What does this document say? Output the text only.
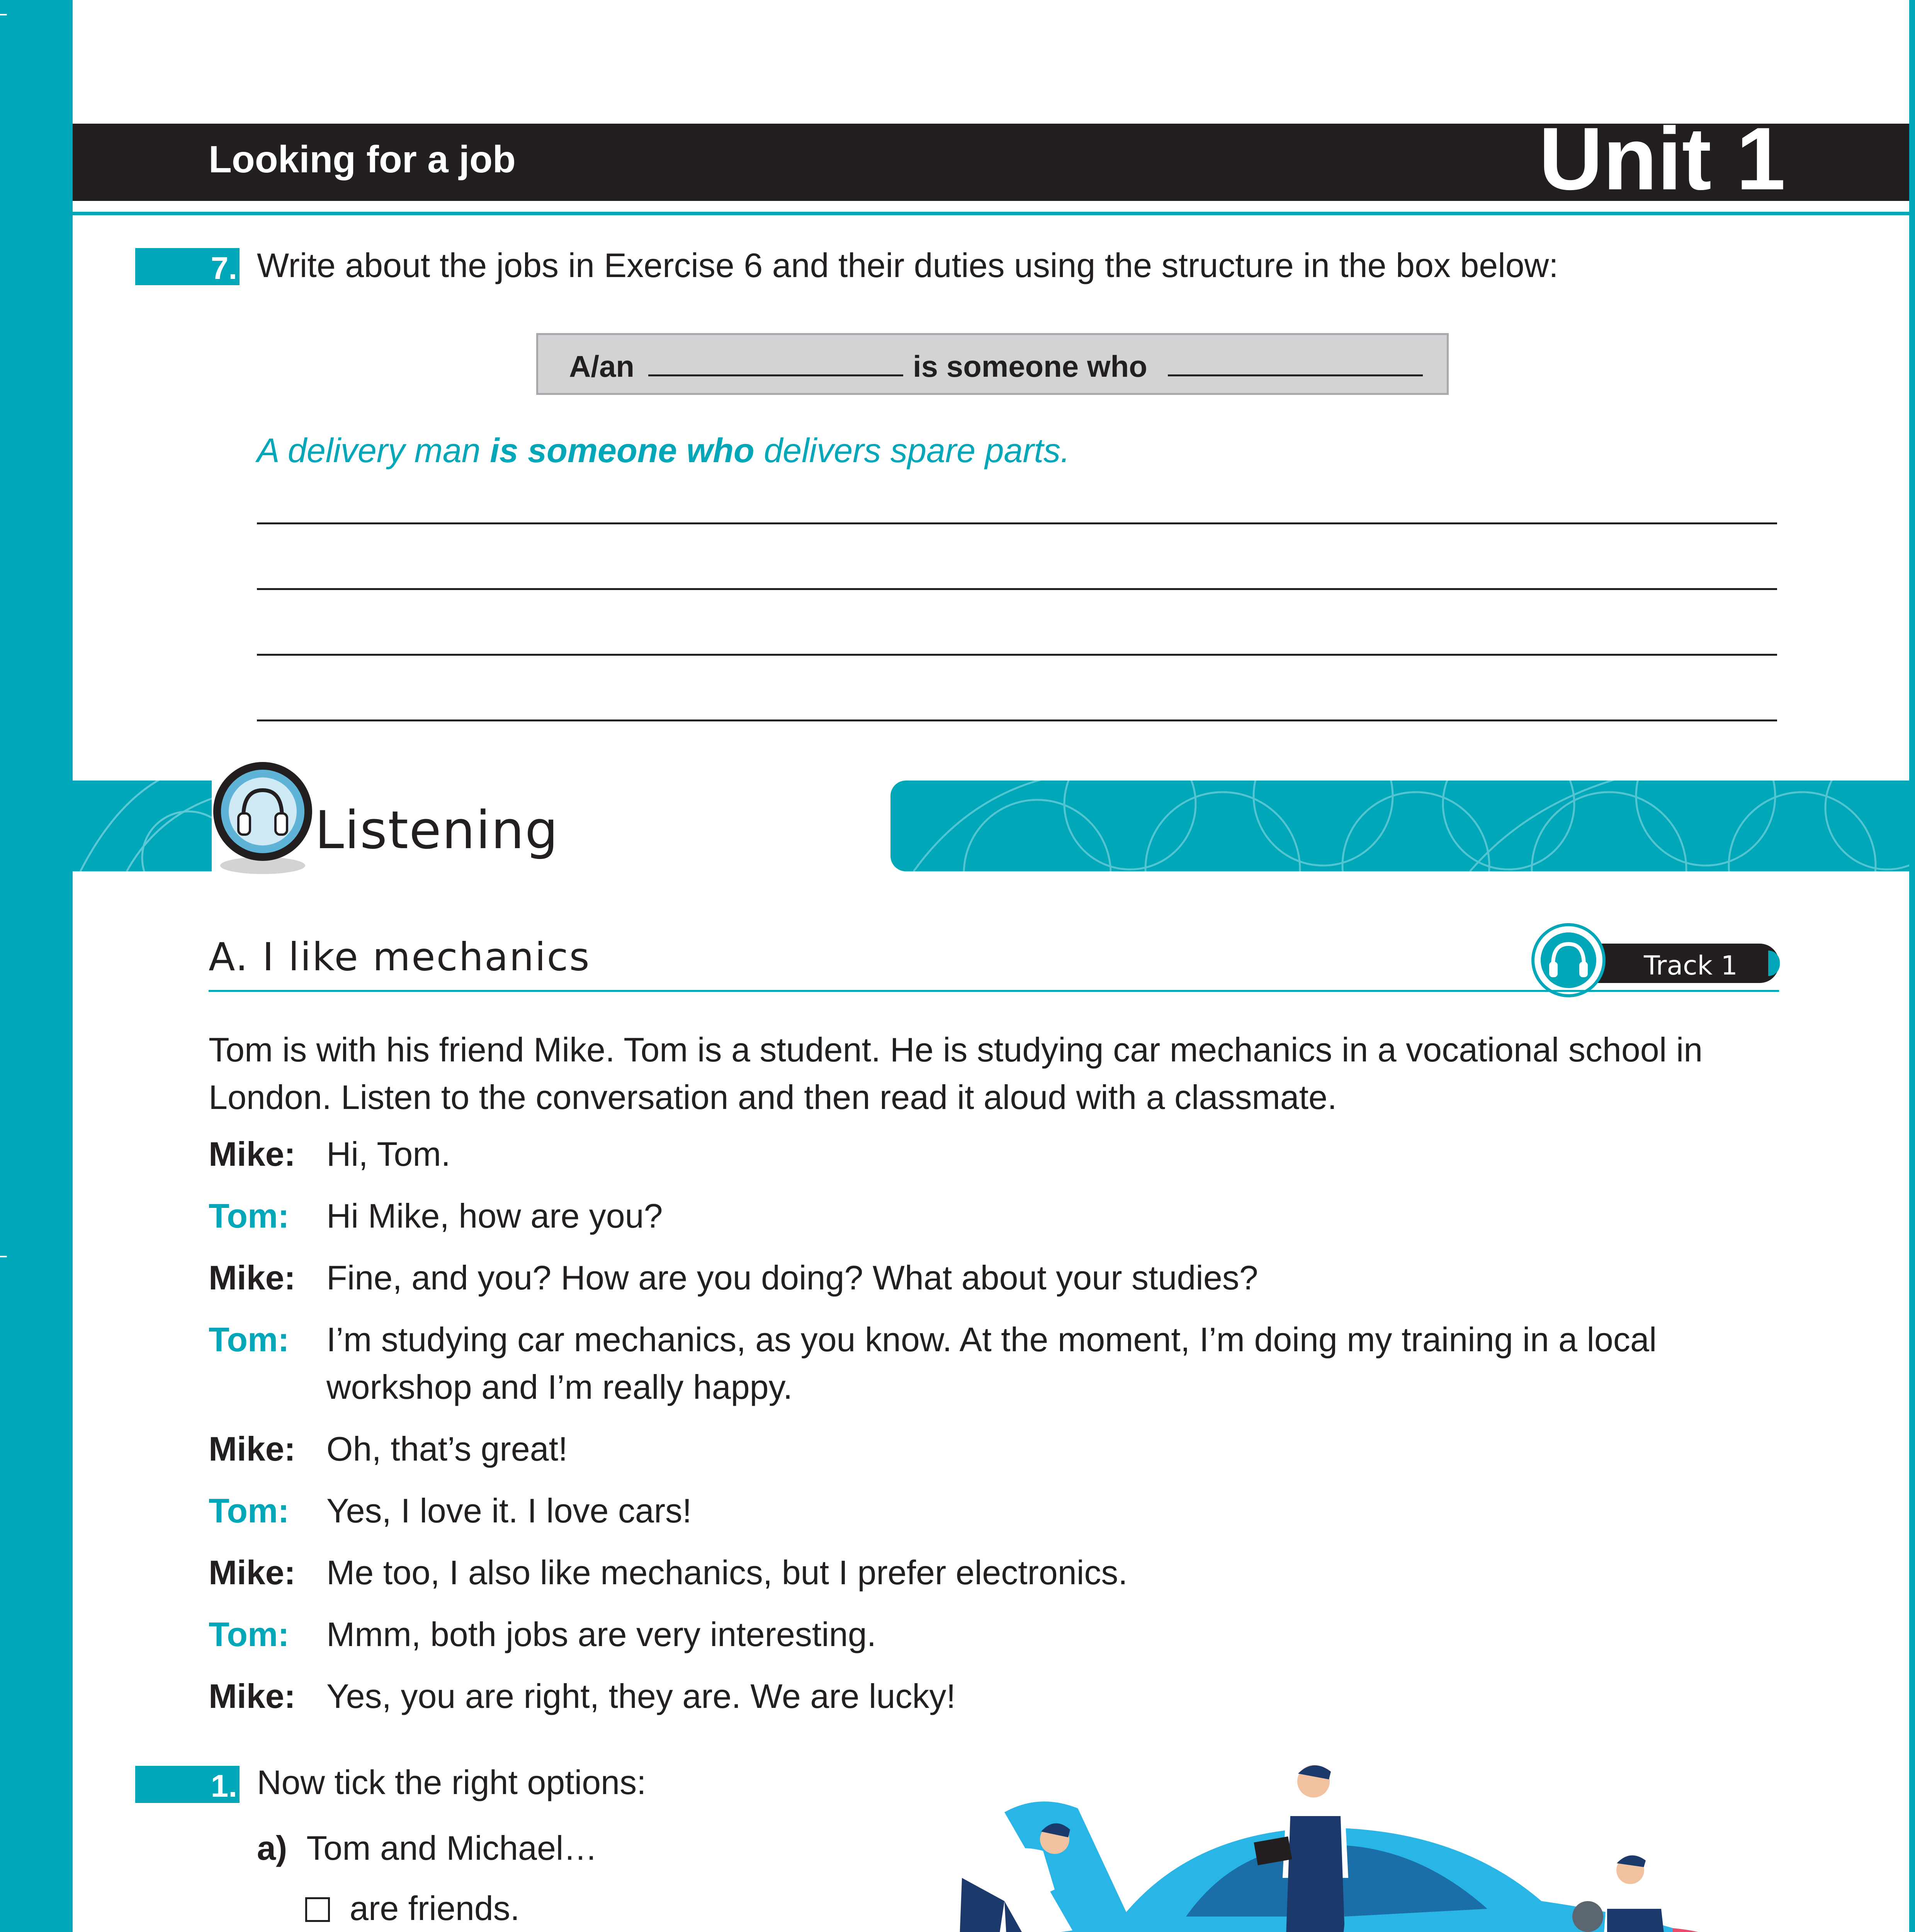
Looking for a job	Unit 1
7. Write about the jobs in Exercise 6 and their duties using the structure in the box below:
A/an	is someone who
A delivery man is someone who delivers spare parts.
Listening
A. I like mechanics	Track 1
Tom is with his friend Mike. Tom is a student. He is studying car mechanics in a vocational school in London. Listen to the conversation and then read it aloud with a classmate.
Mike: Hi, Tom.
Tom: Hi Mike, how are you?
Mike: Fine, and you? How are you doing? What about your studies?
Tom: I’m studying car mechanics, as you know. At the moment, I’m doing my training in a local workshop and I’m really happy.
Mike: Oh, that’s great!
Tom: Yes, I love it. I love cars!
Mike: Me too, I also like mechanics, but I prefer electronics.
Tom: Mmm, both jobs are very interesting.
Mike: Yes, you are right, they are. We are lucky!
1. Now tick the right options:
a) Tom and Michael…
are friends.
